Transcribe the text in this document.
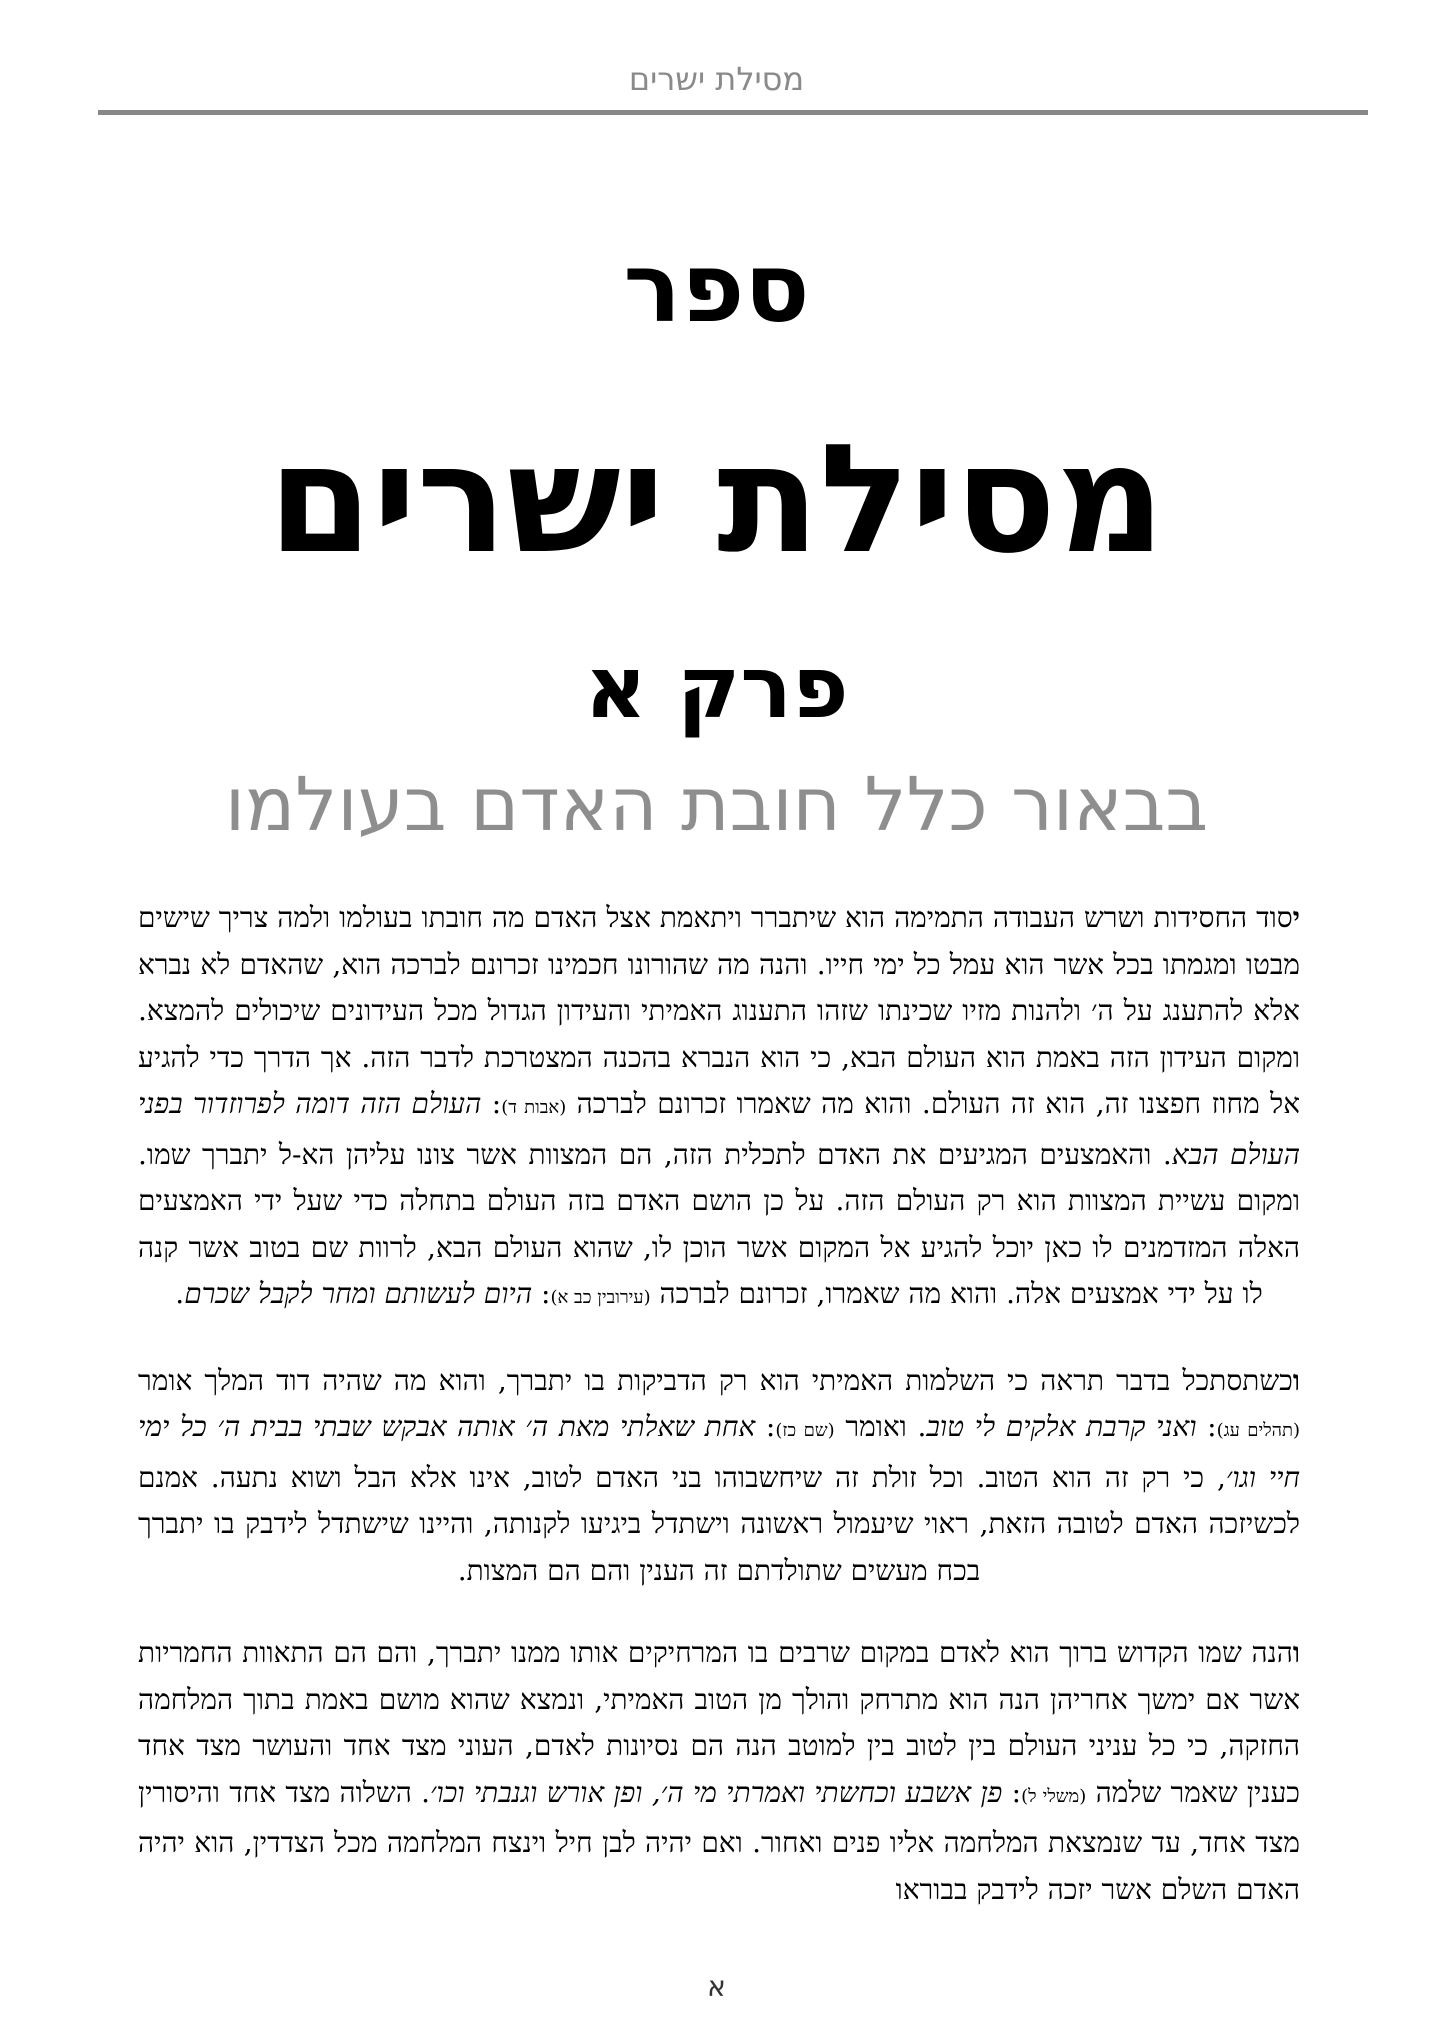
מסילת ישרים
ספר
מסילת ישרים
פרק א
בבאור כלל חובת האדם בעולמו

יסוד החסידות ושרש העבודה התמימה הוא שיתברר ויתאמת אצל האדם מה חובתו בעולמו ולמה צריך שישים מבטו ומגמתו בכל אשר הוא עמל כל ימי חייו. והנה מה שהורונו חכמינו זכרונם לברכה הוא, שהאדם לא נברא אלא להתענג על ה׳ ולהנות מזיו שכינתו שזהו התענוג האמיתי והעידון הגדול מכל העידונים שיכולים להמצא. ומקום העידון הזה באמת הוא העולם הבא, כי הוא הנברא בהכנה המצטרכת לדבר הזה. אך הדרך כדי להגיע אל מחוז חפצנו זה, הוא זה העולם. והוא מה שאמרו זכרונם לברכה (אבות ד): העולם הזה דומה לפרוזדור בפני העולם הבא. והאמצעים המגיעים את האדם לתכלית הזה, הם המצוות אשר צונו עליהן הא-ל יתברך שמו. ומקום עשיית המצוות הוא רק העולם הזה. על כן הושם האדם בזה העולם בתחלה כדי שעל ידי האמצעים האלה המזדמנים לו כאן יוכל להגיע אל המקום אשר הוכן לו, שהוא העולם הבא, לרוות שם בטוב אשר קנה לו על ידי אמצעים אלה. והוא מה שאמרו, זכרונם לברכה (עירובין כב א): היום לעשותם ומחר לקבל שכרם.

וכשתסתכל בדבר תראה כי השלמות האמיתי הוא רק הדביקות בו יתברך, והוא מה שהיה דוד המלך אומר (תהלים עג): ואני קרבת אלקים לי טוב. ואומר (שם כז): אחת שאלתי מאת ה׳ אותה אבקש שבתי בבית ה׳ כל ימי חיי וגו׳, כי רק זה הוא הטוב. וכל זולת זה שיחשבוהו בני האדם לטוב, אינו אלא הבל ושוא נתעה. אמנם לכשיזכה האדם לטובה הזאת, ראוי שיעמול ראשונה וישתדל ביגיעו לקנותה, והיינו שישתדל לידבק בו יתברך בכח מעשים שתולדתם זה הענין והם הם המצות.

והנה שמו הקדוש ברוך הוא לאדם במקום שרבים בו המרחיקים אותו ממנו יתברך, והם הם התאוות החמריות אשר אם ימשך אחריהן הנה הוא מתרחק והולך מן הטוב האמיתי, ונמצא שהוא מושם באמת בתוך המלחמה החזקה, כי כל עניני העולם בין לטוב בין למוטב הנה הם נסיונות לאדם, העוני מצד אחד והעושר מצד אחד כענין שאמר שלמה (משלי ל): פן אשבע וכחשתי ואמרתי מי ה׳, ופן אורש וגנבתי וכו׳. השלוה מצד אחד והיסורין מצד אחד, עד שנמצאת המלחמה אליו פנים ואחור. ואם יהיה לבן חיל וינצח המלחמה מכל הצדדין, הוא יהיה האדם השלם אשר יזכה לידבק בבוראו

א
